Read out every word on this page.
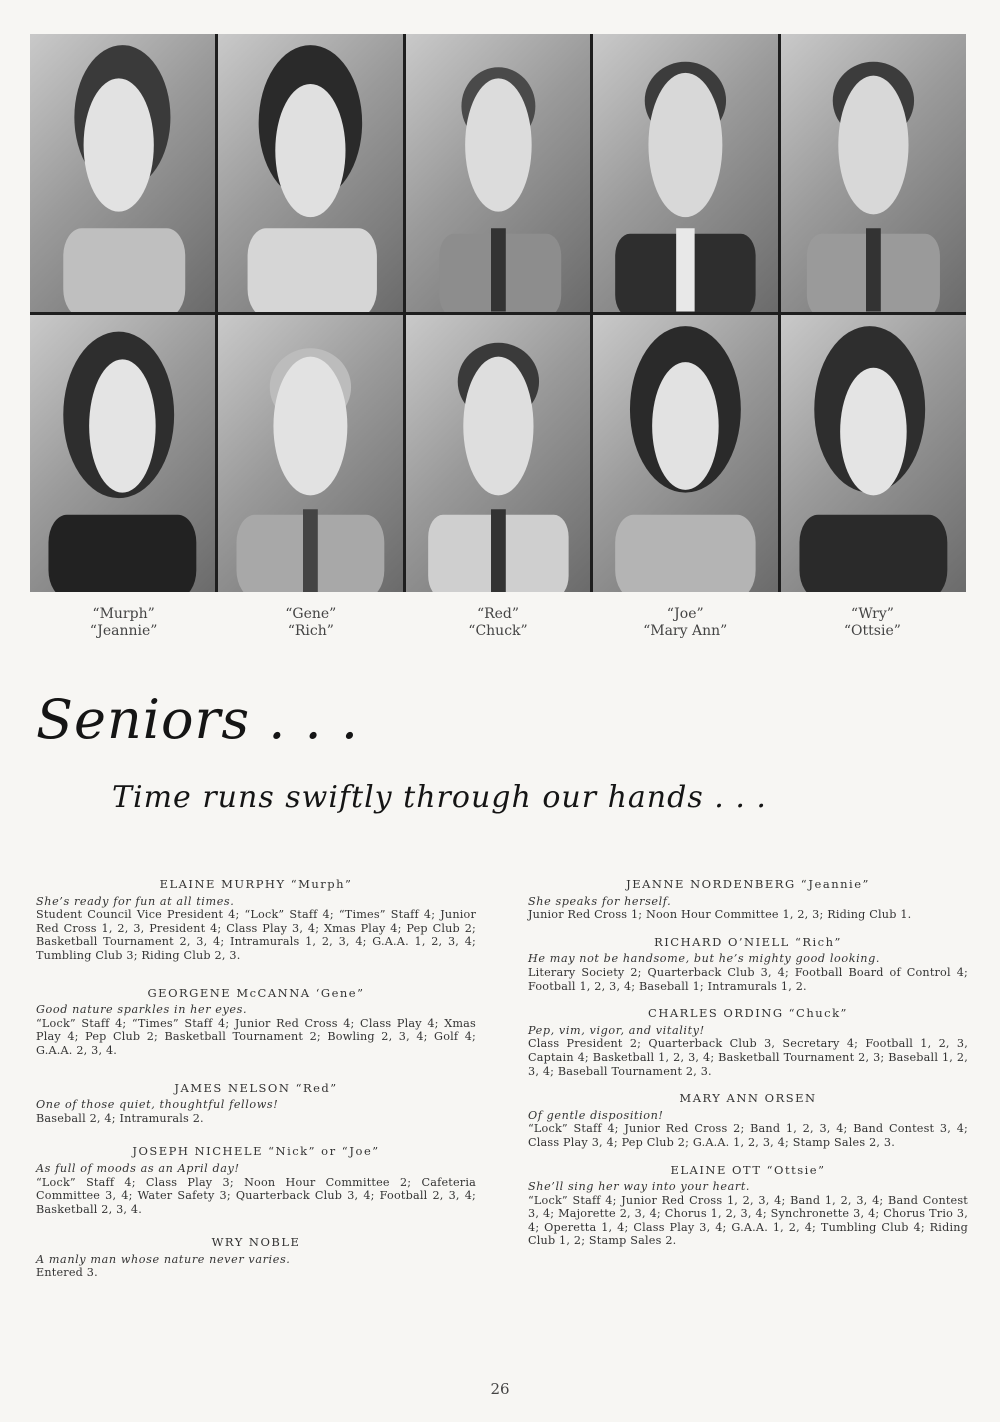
“Murph”
“Jeannie”
“Gene”
“Rich”
“Red”
“Chuck”
“Joe”
“Mary Ann”
“Wry”
“Ottsie”
Seniors . . .
Time runs swiftly through our hands . . .
ELAINE MURPHY “Murph”
She’s ready for fun at all times.
Student Council Vice President 4; “Lock” Staff 4; “Times” Staff 4; Junior Red Cross 1, 2, 3, President 4; Class Play 3, 4; Xmas Play 4; Pep Club 2; Basketball Tournament 2, 3, 4; Intramurals 1, 2, 3, 4; G.A.A. 1, 2, 3, 4; Tumbling Club 3; Riding Club 2, 3.
GEORGENE McCANNA ‘Gene”
Good nature sparkles in her eyes.
“Lock” Staff 4; “Times” Staff 4; Junior Red Cross 4; Class Play 4; Xmas Play 4; Pep Club 2; Basketball Tournament 2; Bowling 2, 3, 4; Golf 4; G.A.A. 2, 3, 4.
JAMES NELSON “Red”
One of those quiet, thoughtful fellows!
Baseball 2, 4; Intramurals 2.
JOSEPH NICHELE “Nick” or “Joe”
As full of moods as an April day!
“Lock” Staff 4; Class Play 3; Noon Hour Committee 2; Cafeteria Committee 3, 4; Water Safety 3; Quarterback Club 3, 4; Football 2, 3, 4; Basketball 2, 3, 4.
WRY NOBLE
A manly man whose nature never varies.
Entered 3.
JEANNE NORDENBERG “Jeannie”
She speaks for herself.
Junior Red Cross 1; Noon Hour Committee 1, 2, 3; Riding Club 1.
RICHARD O’NIELL “Rich”
He may not be handsome, but he’s mighty good looking.
Literary Society 2; Quarterback Club 3, 4; Football Board of Control 4; Football 1, 2, 3, 4; Baseball 1; Intramurals 1, 2.
CHARLES ORDING “Chuck”
Pep, vim, vigor, and vitality!
Class President 2; Quarterback Club 3, Secretary 4; Football 1, 2, 3, Captain 4; Basketball 1, 2, 3, 4; Basketball Tournament 2, 3; Baseball 1, 2, 3, 4; Baseball Tournament 2, 3.
MARY ANN ORSEN
Of gentle disposition!
“Lock” Staff 4; Junior Red Cross 2; Band 1, 2, 3, 4; Band Contest 3, 4; Class Play 3, 4; Pep Club 2; G.A.A. 1, 2, 3, 4; Stamp Sales 2, 3.
ELAINE OTT “Ottsie”
She’ll sing her way into your heart.
“Lock” Staff 4; Junior Red Cross 1, 2, 3, 4; Band 1, 2, 3, 4; Band Contest 3, 4; Majorette 2, 3, 4; Chorus 1, 2, 3, 4; Synchronette 3, 4; Chorus Trio 3, 4; Operetta 1, 4; Class Play 3, 4; G.A.A. 1, 2, 4; Tumbling Club 4; Riding Club 1, 2; Stamp Sales 2.
26
